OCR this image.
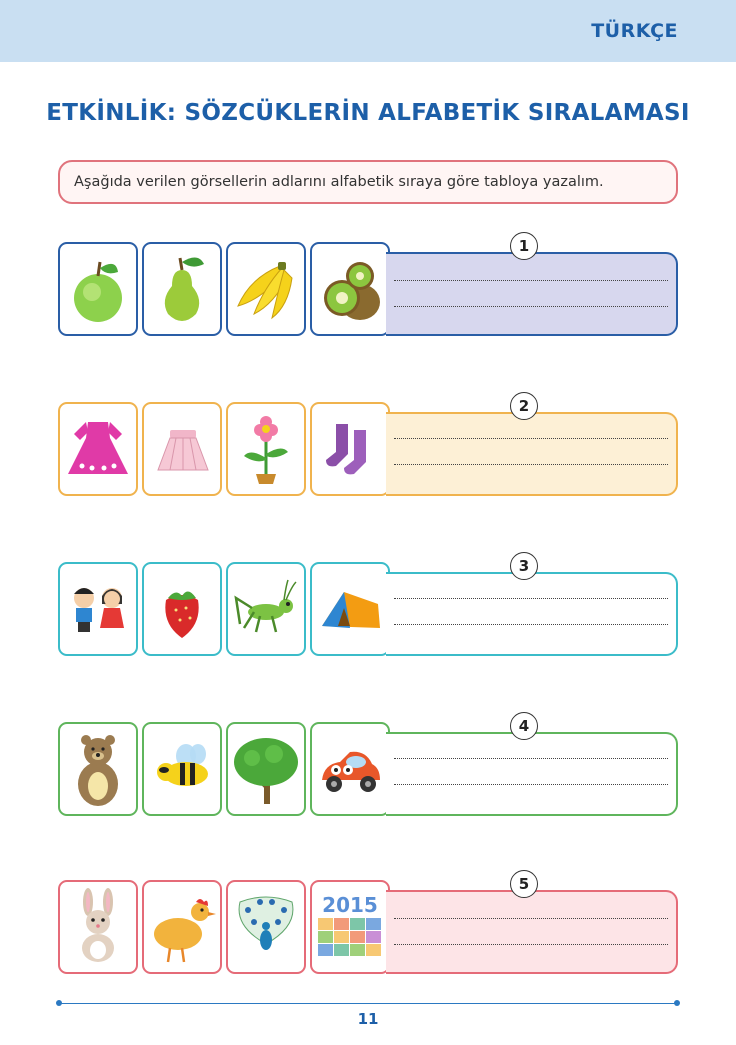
TÜRKÇE
ETKİNLİK: SÖZCÜKLERİN ALFABETİK SIRALAMASI
Aşağıda verilen görsellerin adlarını alfabetik sıraya göre tabloya yazalım.
1
2
3
4
2015
5
11
